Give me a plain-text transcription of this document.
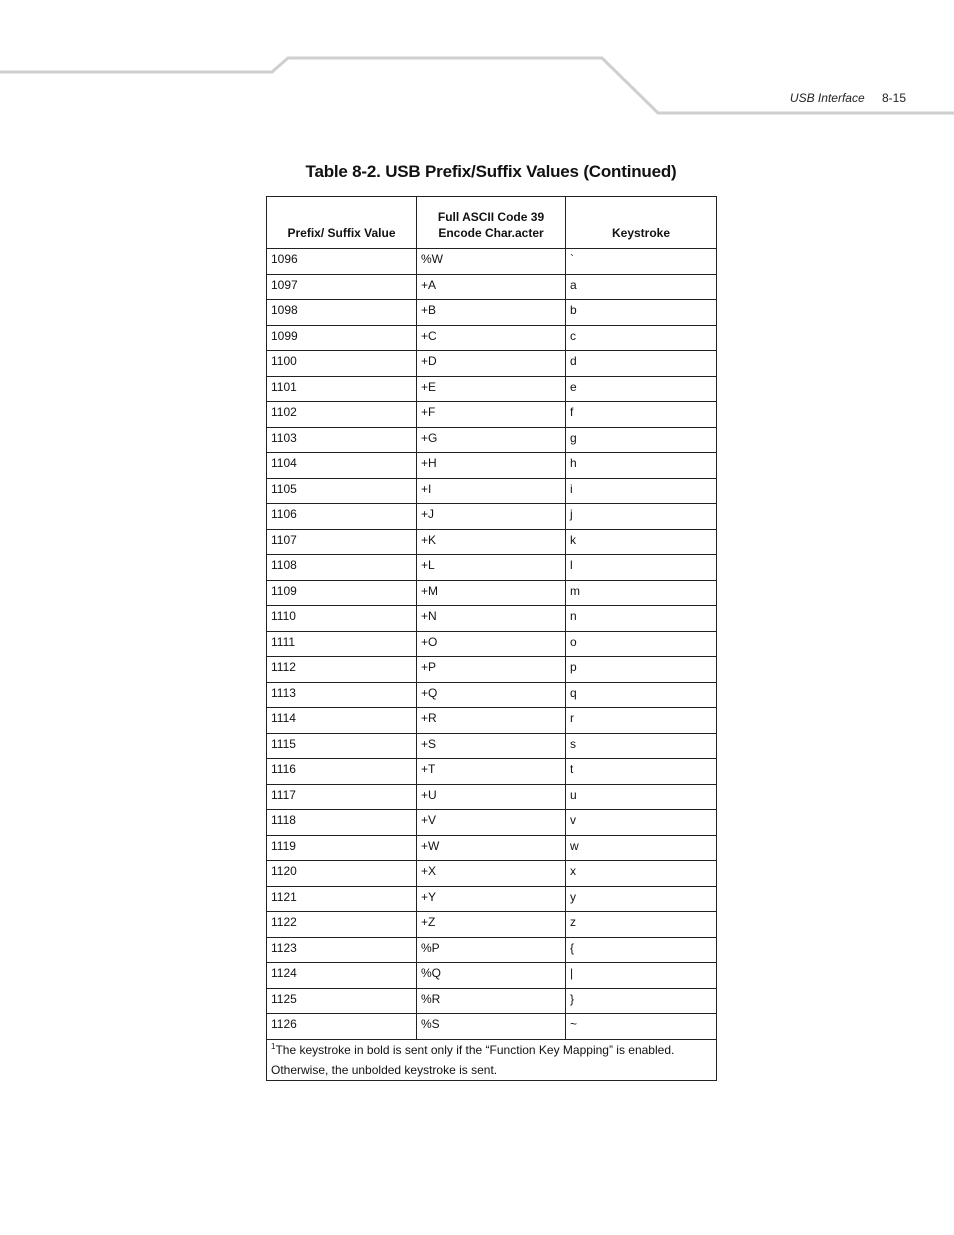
USB Interface 8-15
Table 8-2. USB Prefix/Suffix Values (Continued)
Prefix/ Suffix Value	Full ASCII Code 39 Encode Char.acter	Keystroke
1096	%W	`
1097	+A	a
1098	+B	b
1099	+C	c
1100	+D	d
1101	+E	e
1102	+F	f
1103	+G	g
1104	+H	h
1105	+I	i
1106	+J	j
1107	+K	k
1108	+L	l
1109	+M	m
1110	+N	n
1111	+O	o
1112	+P	p
1113	+Q	q
1114	+R	r
1115	+S	s
1116	+T	t
1117	+U	u
1118	+V	v
1119	+W	w
1120	+X	x
1121	+Y	y
1122	+Z	z
1123	%P	{
1124	%Q	|
1125	%R	}
1126	%S	~
$^1$The keystroke in bold is sent only if the “Function Key Mapping” is enabled. Otherwise, the unbolded keystroke is sent.		
